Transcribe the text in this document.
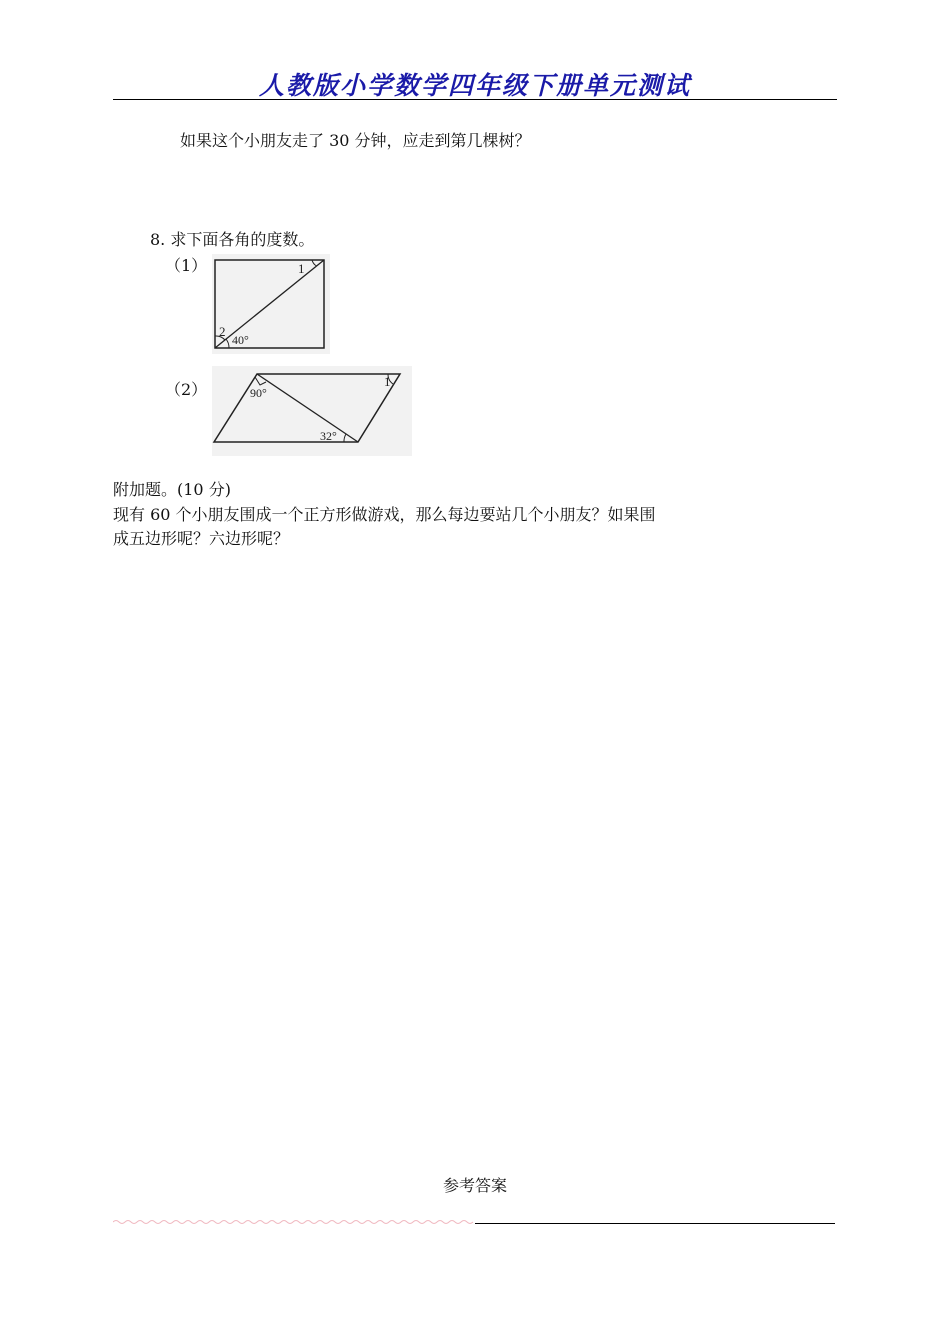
人教版小学数学四年级下册单元测试
如果这个小朋友走了 30 分钟，应走到第几棵树？
8. 求下面各角的度数。
（1）	1
2
40°
（2）	1
90°
32°
附加题。(10 分)
现有 60 个小朋友围成一个正方形做游戏，那么每边要站几个小朋友？如果围
成五边形呢？六边形呢？
参考答案
